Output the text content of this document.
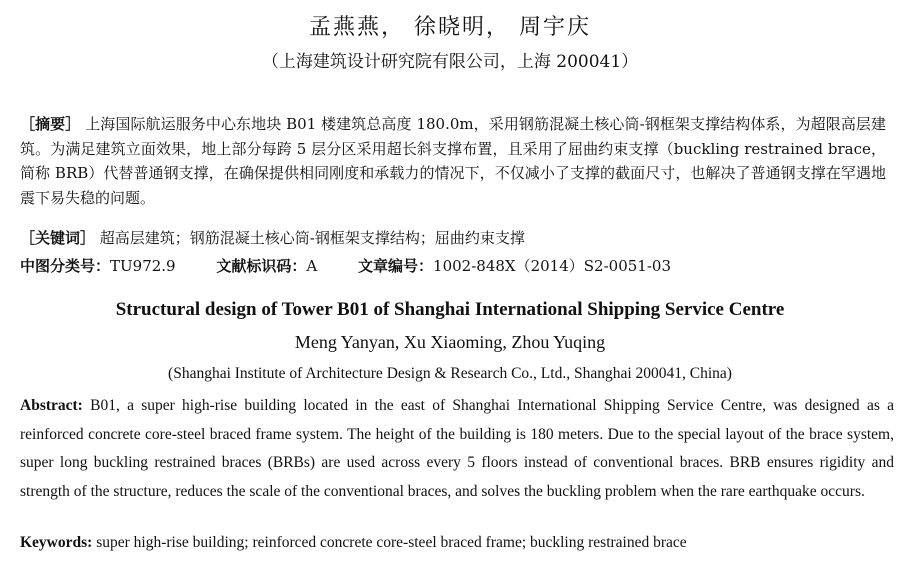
孟燕燕， 徐晓明， 周宇庆
（上海建筑设计研究院有限公司，上海 200041）
［摘要］ 上海国际航运服务中心东地块 B01 楼建筑总高度 180.0m，采用钢筋混凝土核心筒-钢框架支撑结构体系，为超限高层建筑。为满足建筑立面效果，地上部分每跨 5 层分区采用超长斜支撑布置，且采用了屈曲约束支撑（buckling restrained brace，简称 BRB）代替普通钢支撑，在确保提供相同刚度和承载力的情况下，不仅减小了支撑的截面尺寸，也解决了普通钢支撑在罕遇地震下易失稳的问题。
［关键词］ 超高层建筑；钢筋混凝土核心筒-钢框架支撑结构；屈曲约束支撑
中图分类号：TU972.9	文献标识码：A	文章编号：1002-848X（2014）S2-0051-03
Structural design of Tower B01 of Shanghai International Shipping Service Centre
Meng Yanyan, Xu Xiaoming, Zhou Yuqing
(Shanghai Institute of Architecture Design & Research Co., Ltd., Shanghai 200041, China)
Abstract: B01, a super high-rise building located in the east of Shanghai International Shipping Service Centre, was designed as a reinforced concrete core-steel braced frame system. The height of the building is 180 meters. Due to the special layout of the brace system, super long buckling restrained braces (BRBs) are used across every 5 floors instead of conventional braces. BRB ensures rigidity and strength of the structure, reduces the scale of the conventional braces, and solves the buckling problem when the rare earthquake occurs.
Keywords: super high-rise building; reinforced concrete core-steel braced frame; buckling restrained brace
